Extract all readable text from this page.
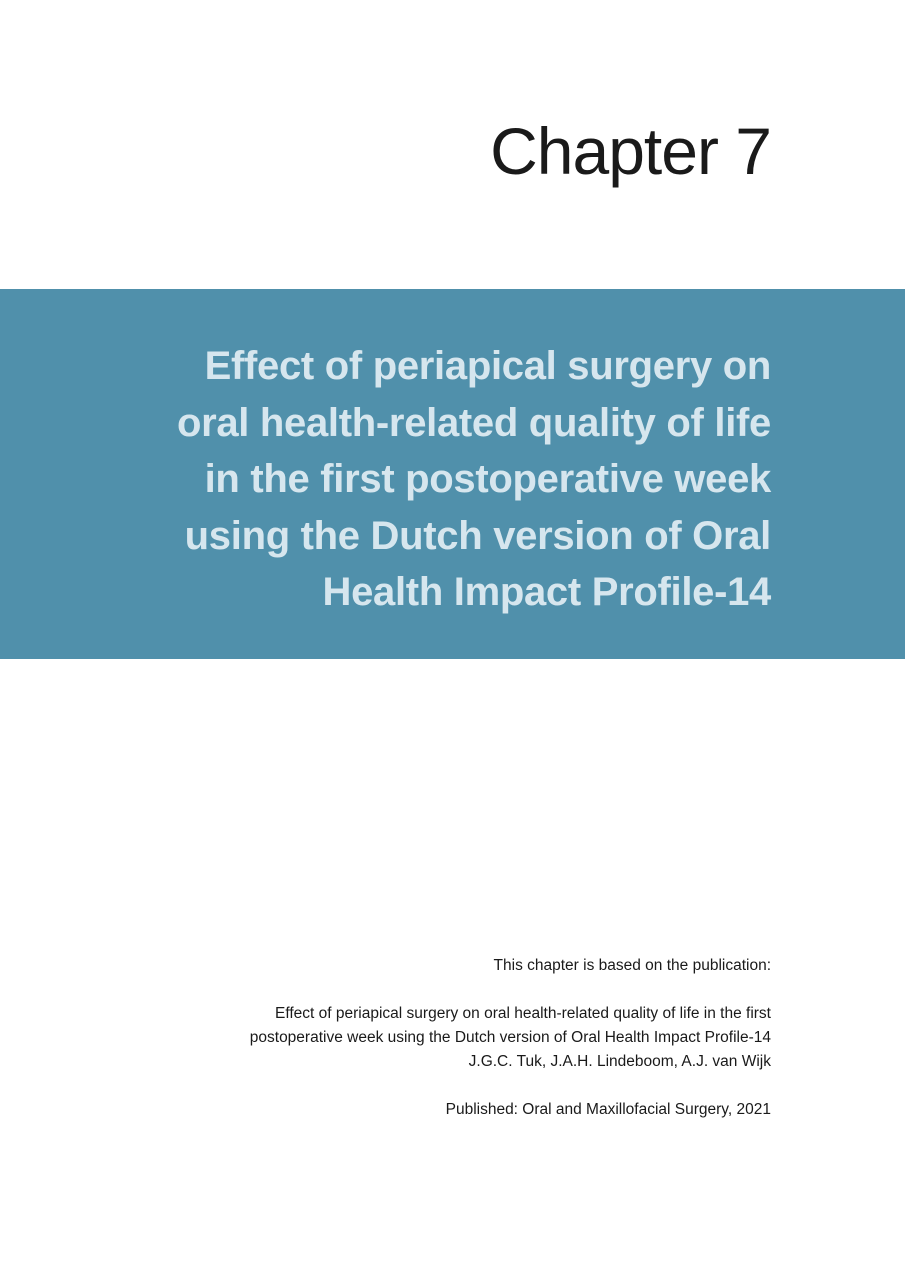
Chapter 7
Effect of periapical surgery on
oral health-related quality of life
in the first postoperative week
using the Dutch version of Oral
Health Impact Profile-14

This chapter is based on the publication:

Effect of periapical surgery on oral health-related quality of life in the first
postoperative week using the Dutch version of Oral Health Impact Profile-14
J.G.C. Tuk, J.A.H. Lindeboom, A.J. van Wijk

Published: Oral and Maxillofacial Surgery, 2021
